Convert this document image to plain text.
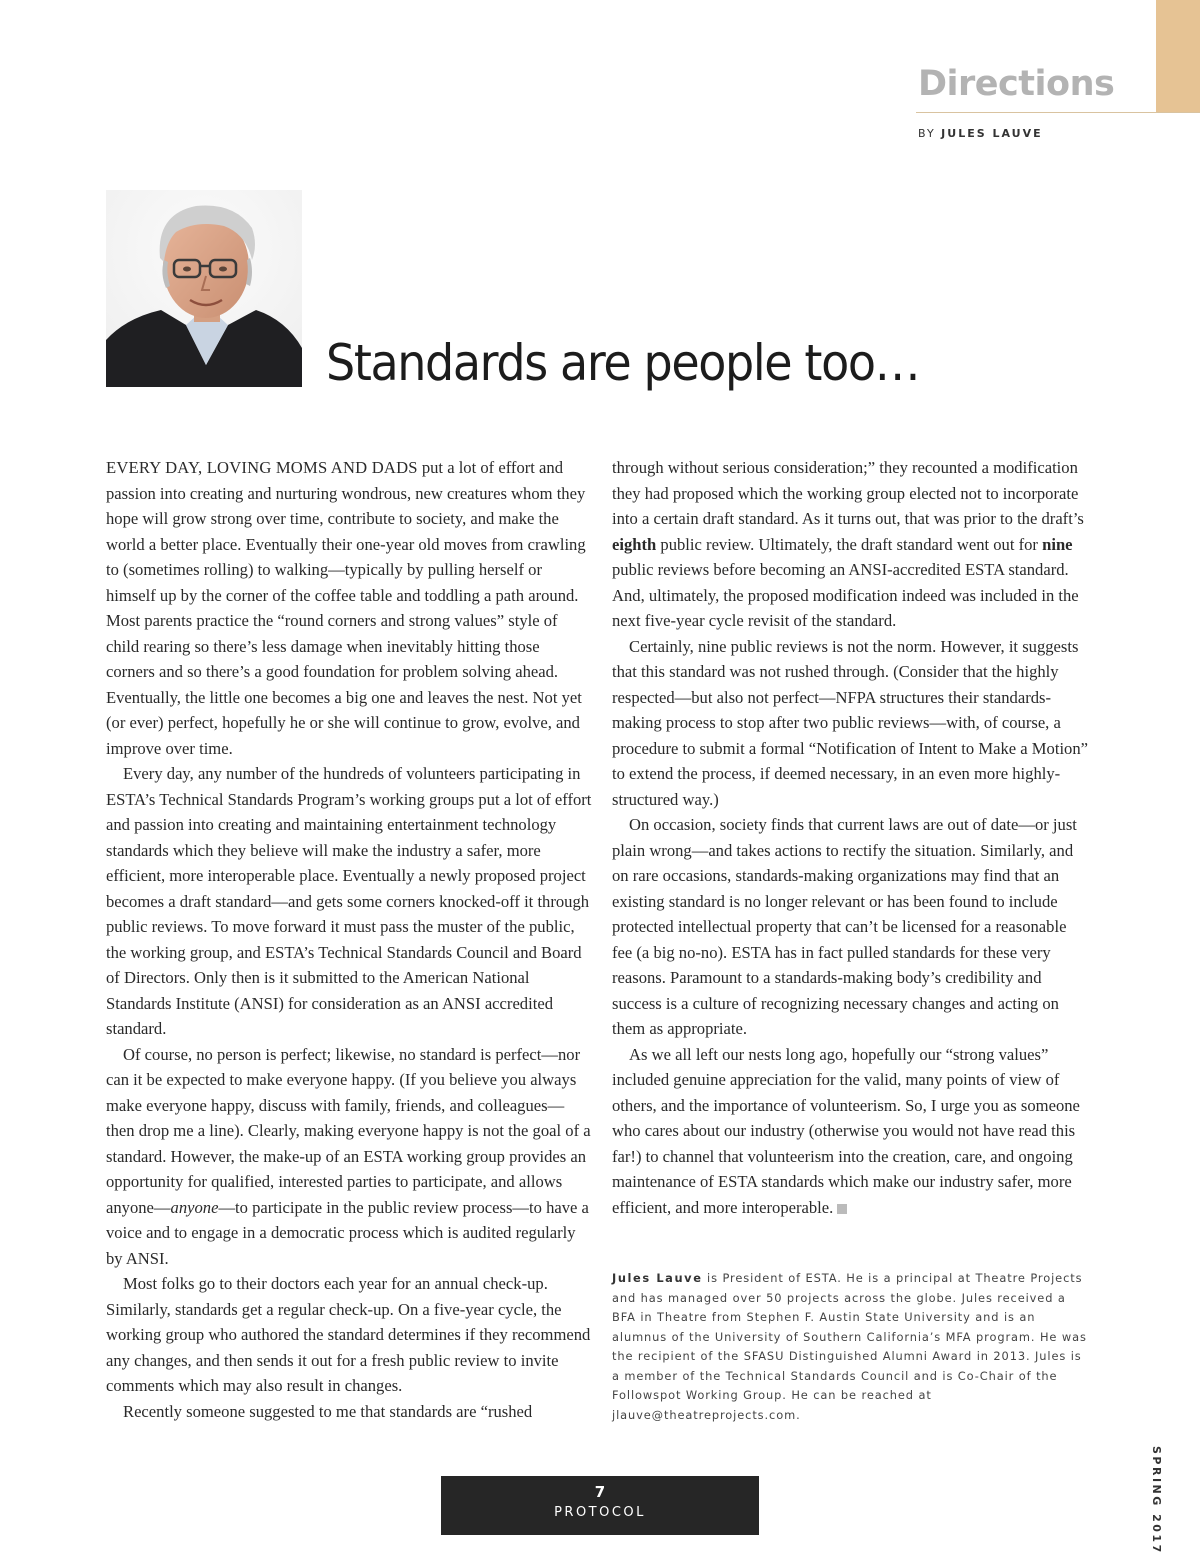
Directions
BY JULES LAUVE
Standards are people too…

EVERY DAY, LOVING MOMS AND DADS put a lot of effort and passion into creating and nurturing wondrous, new creatures whom they hope will grow strong over time, contribute to society, and make the world a better place. Eventually their one-year old moves from crawling to (sometimes rolling) to walking—typically by pulling herself or himself up by the corner of the coffee table and toddling a path around. Most parents practice the “round corners and strong values” style of child rearing so there’s less damage when inevitably hitting those corners and so there’s a good foundation for problem solving ahead. Eventually, the little one becomes a big one and leaves the nest. Not yet (or ever) perfect, hopefully he or she will continue to grow, evolve, and improve over time.

Every day, any number of the hundreds of volunteers participating in ESTA’s Technical Standards Program’s working groups put a lot of effort and passion into creating and maintaining entertainment technology standards which they believe will make the industry a safer, more efficient, more interoperable place. Eventually a newly proposed project becomes a draft standard—and gets some corners knocked-off it through public reviews. To move forward it must pass the muster of the public, the working group, and ESTA’s Technical Standards Council and Board of Directors. Only then is it submitted to the American National Standards Institute (ANSI) for consideration as an ANSI accredited standard.

Of course, no person is perfect; likewise, no standard is perfect—nor can it be expected to make everyone happy. (If you believe you always make everyone happy, discuss with family, friends, and colleagues—then drop me a line). Clearly, making everyone happy is not the goal of a standard. However, the make-up of an ESTA working group provides an opportunity for qualified, interested parties to participate, and allows anyone—anyone—to participate in the public review process—to have a voice and to engage in a democratic process which is audited regularly by ANSI.

Most folks go to their doctors each year for an annual check-up. Similarly, standards get a regular check-up. On a five-year cycle, the working group who authored the standard determines if they recommend any changes, and then sends it out for a fresh public review to invite comments which may also result in changes.

Recently someone suggested to me that standards are “rushed

through without serious consideration;” they recounted a modification they had proposed which the working group elected not to incorporate into a certain draft standard. As it turns out, that was prior to the draft’s eighth public review. Ultimately, the draft standard went out for nine public reviews before becoming an ANSI-accredited ESTA standard. And, ultimately, the proposed modification indeed was included in the next five-year cycle revisit of the standard.

Certainly, nine public reviews is not the norm. However, it suggests that this standard was not rushed through. (Consider that the highly respected—but also not perfect—NFPA structures their standards-making process to stop after two public reviews—with, of course, a procedure to submit a formal “Notification of Intent to Make a Motion” to extend the process, if deemed necessary, in an even more highly-structured way.)

On occasion, society finds that current laws are out of date—or just plain wrong—and takes actions to rectify the situation. Similarly, and on rare occasions, standards-making organizations may find that an existing standard is no longer relevant or has been found to include protected intellectual property that can’t be licensed for a reasonable fee (a big no-no). ESTA has in fact pulled standards for these very reasons. Paramount to a standards-making body’s credibility and success is a culture of recognizing necessary changes and acting on them as appropriate.

As we all left our nests long ago, hopefully our “strong values” included genuine appreciation for the valid, many points of view of others, and the importance of volunteerism. So, I urge you as someone who cares about our industry (otherwise you would not have read this far!) to channel that volunteerism into the creation, care, and ongoing maintenance of ESTA standards which make our industry safer, more efficient, and more interoperable.

Jules Lauve is President of ESTA. He is a principal at Theatre Projects and has managed over 50 projects across the globe. Jules received a BFA in Theatre from Stephen F. Austin State University and is an alumnus of the University of Southern California’s MFA program. He was the recipient of the SFASU Distinguished Alumni Award in 2013. Jules is a member of the Technical Standards Council and is Co-Chair of the Followspot Working Group. He can be reached at jlauve@theatreprojects.com.
7
PROTOCOL	SPRING 2017
